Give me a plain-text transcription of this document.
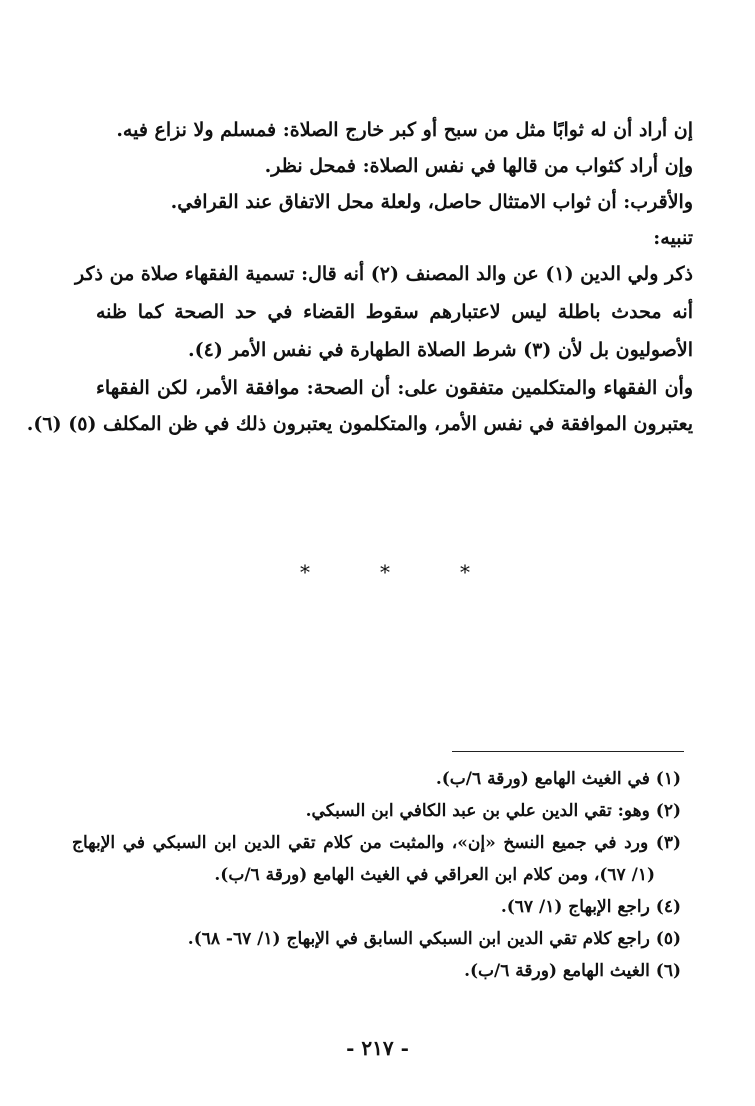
إن أراد أن له ثوابًا مثل من سبح أو كبر خارج الصلاة: فمسلم ولا نزاع فيه.
وإن أراد كثواب من قالها في نفس الصلاة: فمحل نظر.
والأقرب: أن ثواب الامتثال حاصل، ولعلة محل الاتفاق عند القرافي.
تنبيه:
ذكر ولي الدين (١) عن والد المصنف (٢) أنه قال: تسمية الفقهاء صلاة من ذكر
أنه محدث باطلة ليس لاعتبارهم سقوط القضاء في حد الصحة كما ظنه
الأصوليون بل لأن (٣) شرط الصلاة الطهارة في نفس الأمر (٤).
وأن الفقهاء والمتكلمين متفقون على: أن الصحة: موافقة الأمر، لكن الفقهاء
يعتبرون الموافقة في نفس الأمر، والمتكلمون يعتبرون ذلك في ظن المكلف (٥) (٦).
*	*	*
(١) في الغيث الهامع (ورقة ٦/ب).
(٢) وهو: تقي الدين علي بن عبد الكافي ابن السبكي.
(٣) ورد في جميع النسخ «إن»، والمثبت من كلام تقي الدين ابن السبكي في الإبهاج
(١/ ٦٧)، ومن كلام ابن العراقي في الغيث الهامع (ورقة ٦/ب).
(٤) راجع الإبهاج (١/ ٦٧).
(٥) راجع كلام تقي الدين ابن السبكي السابق في الإبهاج (١/ ٦٧- ٦٨).
(٦) الغيث الهامع (ورقة ٦/ب).
- ٢١٧ -
